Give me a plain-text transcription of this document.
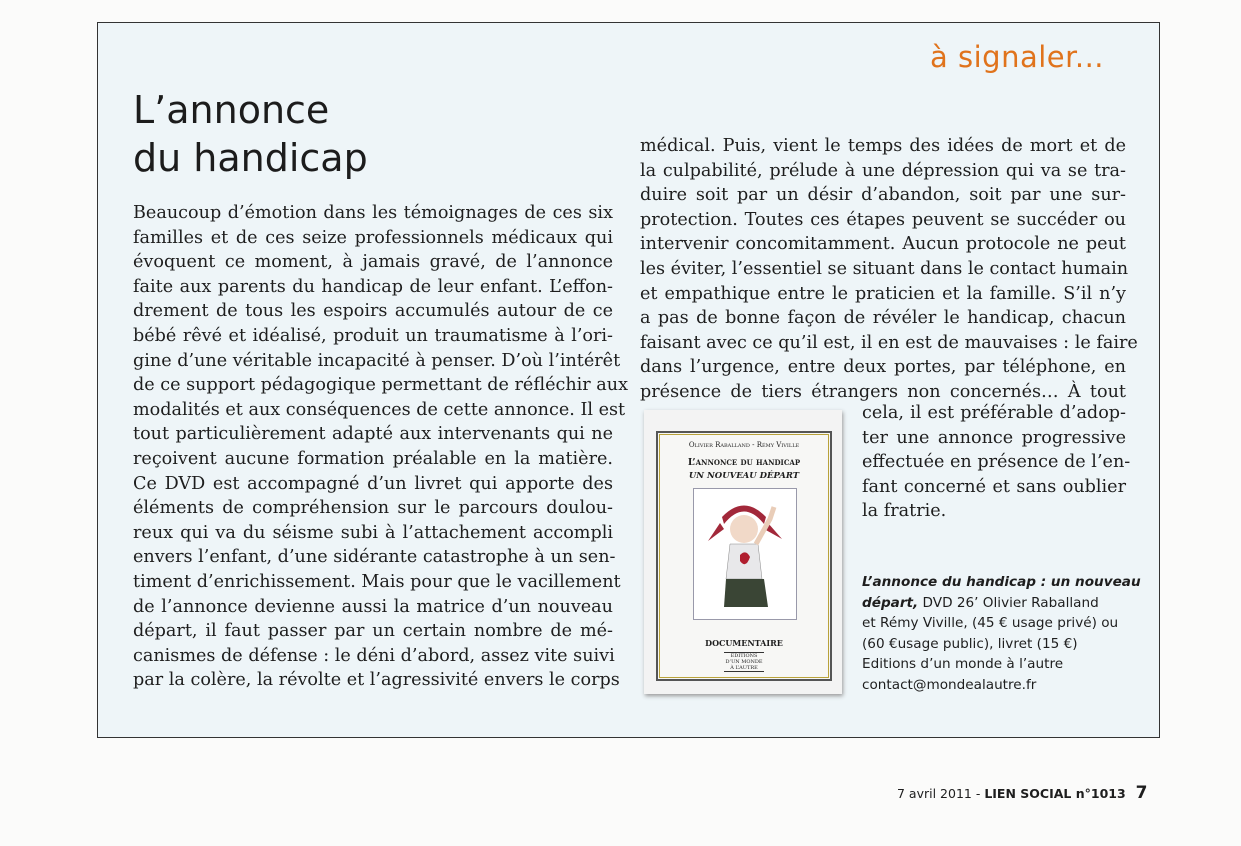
à signaler...
L’annonce
du handicap
Beaucoup d’émotion dans les témoignages de ces six
familles et de ces seize professionnels médicaux qui
évoquent ce moment, à jamais gravé, de l’annonce
faite aux parents du handicap de leur enfant. L’effon-
drement de tous les espoirs accumulés autour de ce
bébé rêvé et idéalisé, produit un traumatisme à l’ori-
gine d’une véritable incapacité à penser. D’où l’intérêt
de ce support pédagogique permettant de réfléchir aux
modalités et aux conséquences de cette annonce. Il est
tout particulièrement adapté aux intervenants qui ne
reçoivent aucune formation préalable en la matière.
Ce DVD est accompagné d’un livret qui apporte des
éléments de compréhension sur le parcours doulou-
reux qui va du séisme subi à l’attachement accompli
envers l’enfant, d’une sidérante catastrophe à un sen-
timent d’enrichissement. Mais pour que le vacillement
de l’annonce devienne aussi la matrice d’un nouveau
départ, il faut passer par un certain nombre de mé-
canismes de défense : le déni d’abord, assez vite suivi
par la colère, la révolte et l’agressivité envers le corps
médical. Puis, vient le temps des idées de mort et de
la culpabilité, prélude à une dépression qui va se tra-
duire soit par un désir d’abandon, soit par une sur-
protection. Toutes ces étapes peuvent se succéder ou
intervenir concomitamment. Aucun protocole ne peut
les éviter, l’essentiel se situant dans le contact humain
et empathique entre le praticien et la famille. S’il n’y
a pas de bonne façon de révéler le handicap, chacun
faisant avec ce qu’il est, il en est de mauvaises : le faire
dans l’urgence, entre deux portes, par téléphone, en
présence de tiers étrangers non concernés… À tout
cela, il est préférable d’adop-
ter une annonce progressive
effectuée en présence de l’en-
fant concerné et sans oublier
la fratrie.
Olivier Raballand - Rémy Viville
L’annonce du handicap
UN NOUVEAU DÉPART
DOCUMENTAIRE
EDITIONS D’UN MONDE À L’AUTRE
L’annonce du handicap : un nouveau
départ, DVD 26’ Olivier Raballand
et Rémy Viville, (45 € usage privé) ou
(60 €usage public), livret (15 €)
Editions d’un monde à l’autre
contact@mondealautre.fr
7 avril 2011 - LIEN SOCIAL n°1013 7
